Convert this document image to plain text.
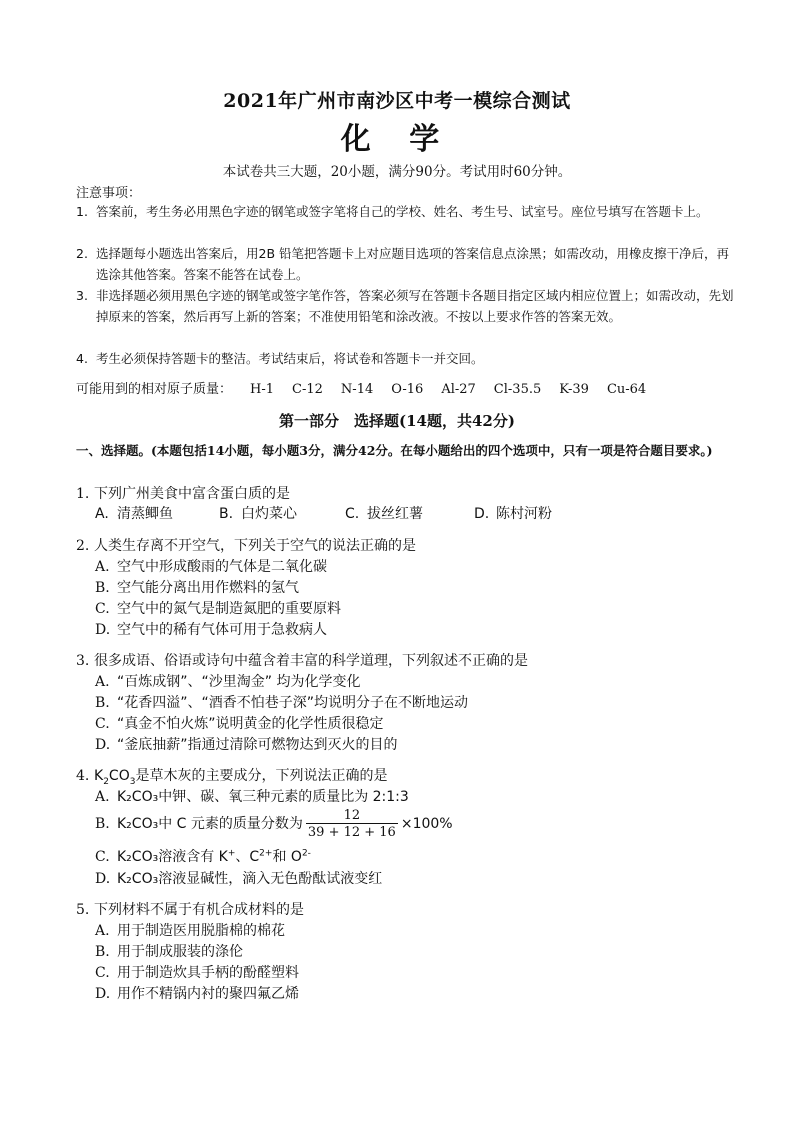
2021年广州市南沙区中考一模综合测试
化 学
本试卷共三大题，20小题，满分90分。考试用时60分钟。
注意事项：
1. 答案前，考生务必用黑色字迹的钢笔或签字笔将自己的学校、姓名、考生号、试室号。座位号填写在答题卡上。
2. 选择题每小题选出答案后，用2B 铅笔把答题卡上对应题目选项的答案信息点涂黑；如需改动，用橡皮擦干净后，再选涂其他答案。答案不能答在试卷上。
3. 非选择题必须用黑色字迹的钢笔或签字笔作答，答案必须写在答题卡各题目指定区域内相应位置上；如需改动，先划掉原来的答案，然后再写上新的答案；不准使用铅笔和涂改液。不按以上要求作答的答案无效。
4. 考生必须保持答题卡的整洁。考试结束后，将试卷和答题卡一并交回。
可能用到的相对原子质量： H-1 C-12 N-14 O-16 Al-27 Cl-35.5 K-39 Cu-64
第一部分　选择题(14题，共42分)
一、选择题。(本题包括14小题，每小题3分，满分42分。在每小题给出的四个选项中，只有一项是符合题目要求。)
1. 下列广州美食中富含蛋白质的是
A. 清蒸鲫鱼	B. 白灼菜心	C. 拔丝红薯	D. 陈村河粉
2. 人类生存离不开空气，下列关于空气的说法正确的是
A. 空气中形成酸雨的气体是二氧化碳
B. 空气能分离出用作燃料的氢气
C. 空气中的氮气是制造氮肥的重要原料
D. 空气中的稀有气体可用于急救病人
3. 很多成语、俗语或诗句中蕴含着丰富的科学道理，下列叙述不正确的是
A. “百炼成钢”、“沙里淘金” 均为化学变化
B. “花香四溢”、“酒香不怕巷子深”均说明分子在不断地运动
C. “真金不怕火炼”说明黄金的化学性质很稳定
D. “釜底抽薪”指通过清除可燃物达到灭火的目的
4. $K_2CO_3$是草木灰的主要成分，下列说法正确的是
A. K₂CO₃中钾、碳、氧三种元素的质量比为 2:1:3
B. K₂CO₃中 C 元素的质量分数为 $\frac{12}{39 + 12 + 16} \times 100\%$
C. K₂CO₃溶液含有 K+、$C^{2+}$和 $O^{2-}$
D. K₂CO₃溶液显碱性，滴入无色酚酞试液变红
5. 下列材料不属于有机合成材料的是
A. 用于制造医用脱脂棉的棉花
B. 用于制成服装的涤伦
C. 用于制造炊具手柄的酚醛塑料
D. 用作不精锅内衬的聚四氟乙烯
